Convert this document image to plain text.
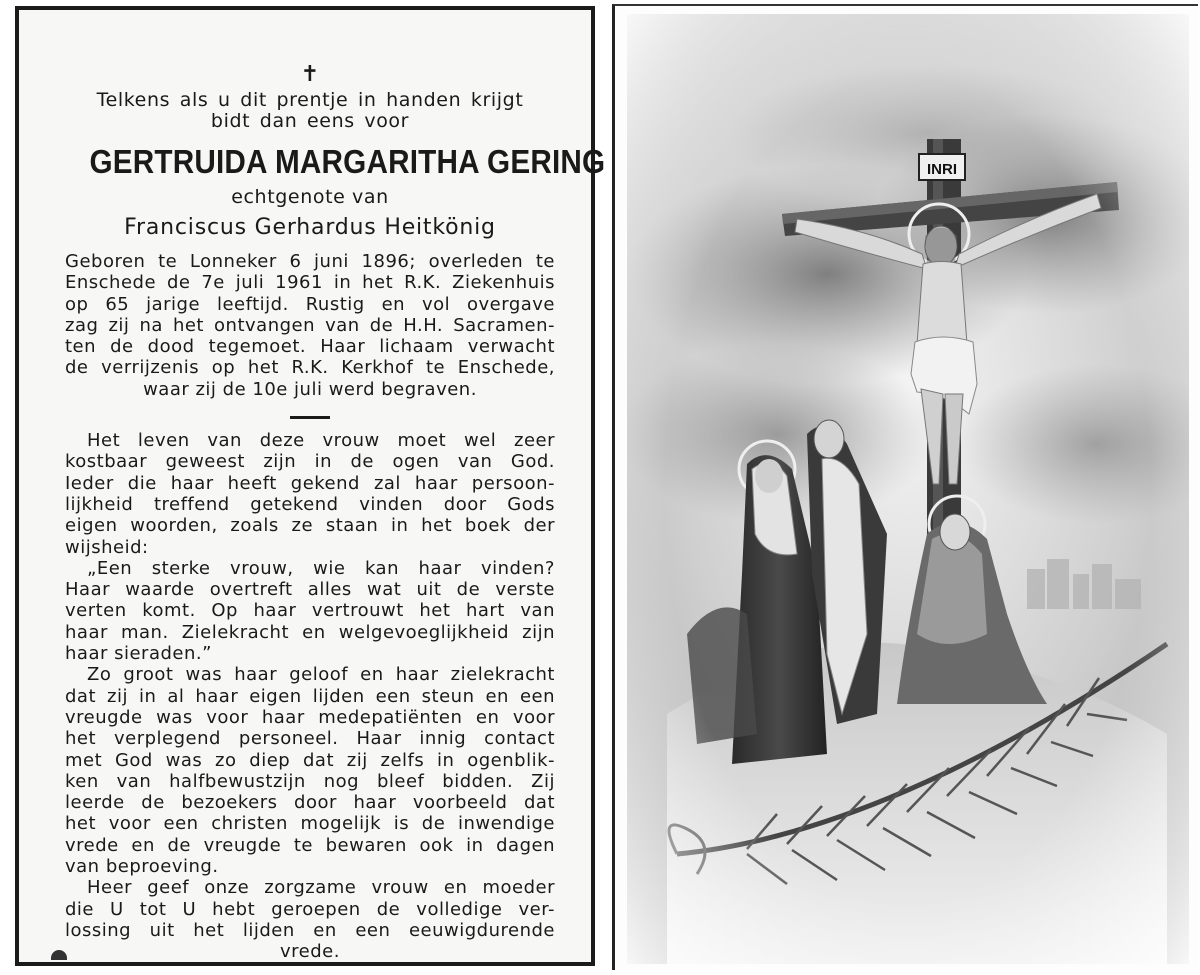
✝
Telkens als u dit prentje in handen krijgt
bidt dan eens voor
GERTRUIDA MARGARITHA GERING
echtgenote van
Franciscus Gerhardus Heitkönig

Geboren te Lonneker 6 juni 1896; overleden te

Enschede de 7e juli 1961 in het R.K. Ziekenhuis

op 65 jarige leeftijd. Rustig en vol overgave

zag zij na het ontvangen van de H.H. Sacramen-

ten de dood tegemoet. Haar lichaam verwacht

de verrijzenis op het R.K. Kerkhof te Enschede,

waar zij de 10e juli werd begraven.

Het leven van deze vrouw moet wel zeer

kostbaar geweest zijn in de ogen van God.

Ieder die haar heeft gekend zal haar persoon-

lijkheid treffend getekend vinden door Gods

eigen woorden, zoals ze staan in het boek der

wijsheid:

„Een sterke vrouw, wie kan haar vinden?

Haar waarde overtreft alles wat uit de verste

verten komt. Op haar vertrouwt het hart van

haar man. Zielekracht en welgevoeglijkheid zijn

haar sieraden.”

Zo groot was haar geloof en haar zielekracht

dat zij in al haar eigen lijden een steun en een

vreugde was voor haar medepatiënten en voor

het verplegend personeel. Haar innig contact

met God was zo diep dat zij zelfs in ogenblik-

ken van halfbewustzijn nog bleef bidden. Zij

leerde de bezoekers door haar voorbeeld dat

het voor een christen mogelijk is de inwendige

vrede en de vreugde te bewaren ook in dagen

van beproeving.

Heer geef onze zorgzame vrouw en moeder

die U tot U hebt geroepen de volledige ver-

lossing uit het lijden en een eeuwigdurende

vrede.
